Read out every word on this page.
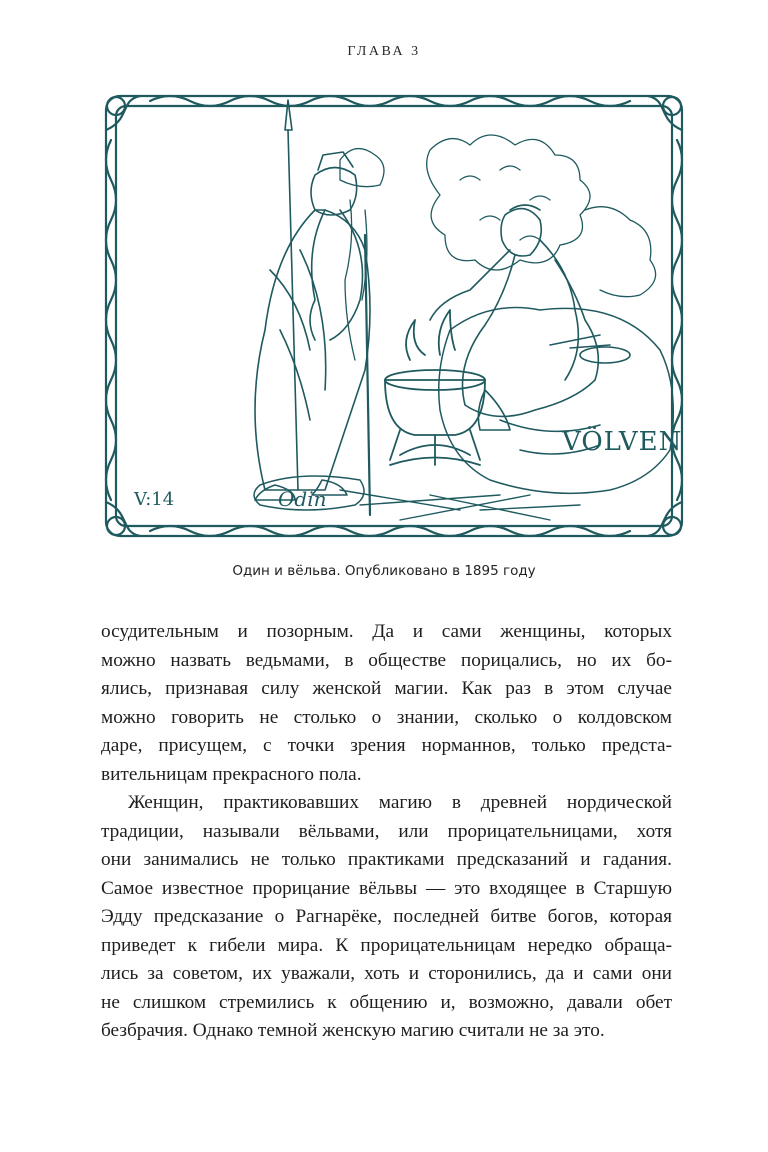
ГЛАВА 3
V:14	Odin
VÖLVEN
Один и вёльва. Опубликовано в 1895 году

осудительным и позорным. Да и сами женщины, которых
можно назвать ведьмами, в обществе порицались, но их бо-
ялись, признавая силу женской магии. Как раз в этом случае
можно говорить не столько о знании, сколько о колдовском
даре, присущем, с точки зрения норманнов, только предста-
вительницам прекрасного пола.

Женщин, практиковавших магию в древней нордической
традиции, называли вёльвами, или прорицательницами, хотя
они занимались не только практиками предсказаний и гадания.
Самое известное прорицание вёльвы — это входящее в Старшую
Эдду предсказание о Рагнарёке, последней битве богов, которая
приведет к гибели мира. К прорицательницам нередко обраща-
лись за советом, их уважали, хоть и сторонились, да и сами они
не слишком стремились к общению и, возможно, давали обет
безбрачия. Однако темной женскую магию считали не за это.
